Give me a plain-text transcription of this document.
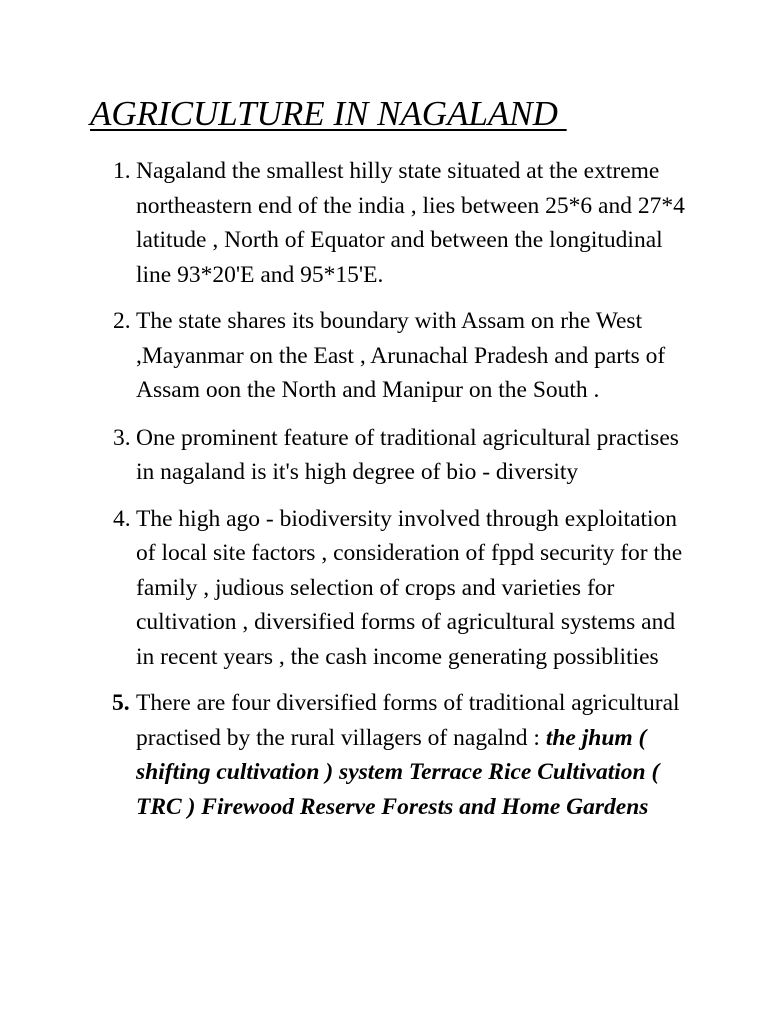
AGRICULTURE IN NAGALAND
1. Nagaland the smallest hilly state situated at the extreme northeastern end of the india , lies between 25*6 and 27*4 latitude , North of Equator and between the longitudinal line 93*20'E and 95*15'E.
2. The state shares its boundary with Assam on rhe West ,Mayanmar on the East , Arunachal Pradesh and parts of Assam oon the North and Manipur on the South .
3. One prominent feature of traditional agricultural practises in nagaland is it's high degree of bio - diversity
4. The high ago - biodiversity involved through exploitation of local site factors , consideration of fppd security for the family , judious selection of crops and varieties for cultivation , diversified forms of agricultural systems and in recent years , the cash income generating possiblities
5. There are four diversified forms of traditional agricultural practised by the rural villagers of nagalnd : the jhum ( shifting cultivation ) system Terrace Rice Cultivation ( TRC ) Firewood Reserve Forests and Home Gardens
